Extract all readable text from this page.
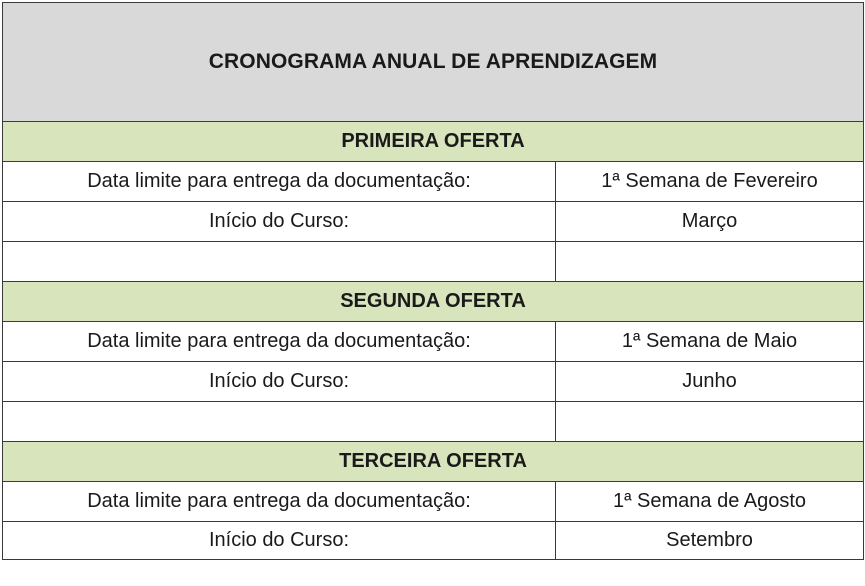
CRONOGRAMA ANUAL DE APRENDIZAGEM	
PRIMEIRA OFERTA	
Data limite para entrega da documentação:	1ª Semana de Fevereiro
Início do Curso:	Março

SEGUNDA OFERTA	
Data limite para entrega da documentação:	1ª Semana de Maio
Início do Curso:	Junho

TERCEIRA OFERTA	
Data limite para entrega da documentação:	1ª Semana de Agosto
Início do Curso:	Setembro
